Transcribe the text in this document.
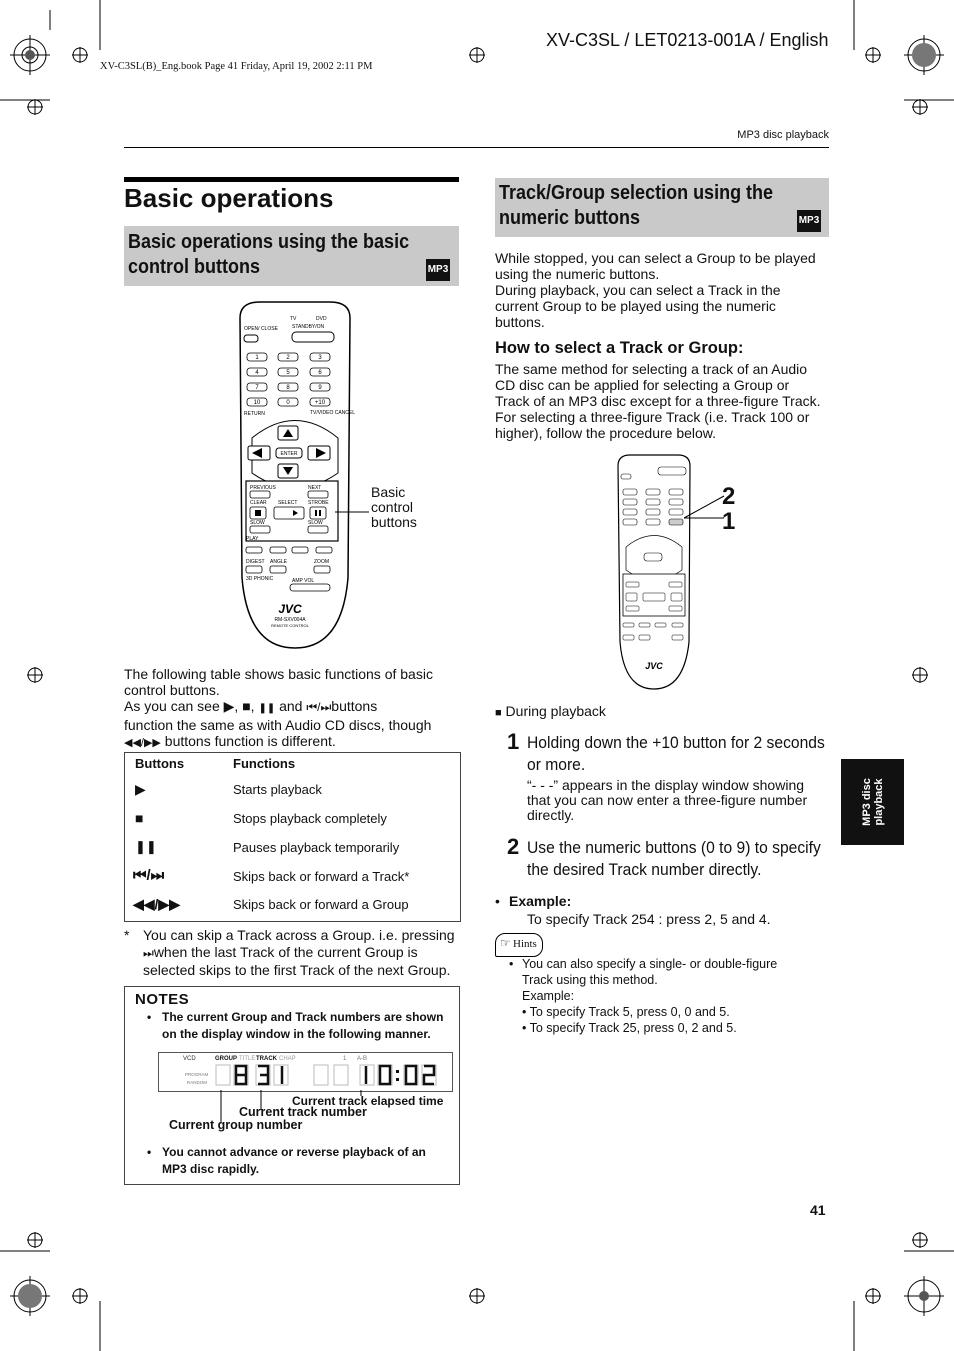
XV-C3SL / LET0213-001A / English
XV-C3SL(B)_Eng.book Page 41 Friday, April 19, 2002 2:11 PM
MP3 disc playback
Basic operations
Basic operations using the basic
control buttons	MP3
TV	DVD
OPEN/ CLOSE	STANDBY/ON
1	2	3
4	5	6
7	8	9
10	0	+10
RETURN	TV/VIDEO CANCEL
ENTER
PREVIOUS	NEXT
CLEAR SELECT STROBE
SLOW	SLOW
PLAY
DIGEST ANGLE	ZOOM
3D PHONIC	AMP VOL
JVC
RM-SXV004A
REMOTE CONTROL
Basic
control
buttons
The following table shows basic functions of basic
control buttons.
As you can see ▶, ■, ❚❚ and ⏮/⏭buttons
function the same as with Audio CD discs, though
◀◀/▶▶ buttons function is different.
Buttons	Functions
▶	Starts playback
■	Stops playback completely
❚❚	Pauses playback temporarily
⏮/⏭	Skips back or forward a Track*
◀◀/▶▶	Skips back or forward a Group
* You can skip a Track across a Group. i.e. pressing
⏭when the last Track of the current Group is
selected skips to the first Track of the next Group.
NOTES
• The current Group and Track numbers are shown
on the display window in the following manner.
VCD	GROUP TITLE TRACK CHAP	1 A-B
PROGRAM
RANDOM
Current track elapsed time
Current track number
Current group number
• You cannot advance or reverse playback of an
MP3 disc rapidly.
Track/Group selection using the
numeric buttons	MP3
While stopped, you can select a Group to be played
using the numeric buttons.
During playback, you can select a Track in the
current Group to be played using the numeric
buttons.
How to select a Track or Group:
The same method for selecting a track of an Audio
CD disc can be applied for selecting a Group or
Track of an MP3 disc except for a three-figure Track.
For selecting a three-figure Track (i.e. Track 100 or
higher), follow the procedure below.
JVC
2
1
■ During playback
1 Holding down the +10 button for 2 seconds
or more.
“- - -” appears in the display window showing
that you can now enter a three-figure number
directly.
2 Use the numeric buttons (0 to 9) to specify
the desired Track number directly.
• Example:
To specify Track 254 : press 2, 5 and 4.
☞ Hints
• You can also specify a single- or double-figure
Track using this method.
Example:
• To specify Track 5, press 0, 0 and 5.
• To specify Track 25, press 0, 2 and 5.
MP3 disc playback
41
